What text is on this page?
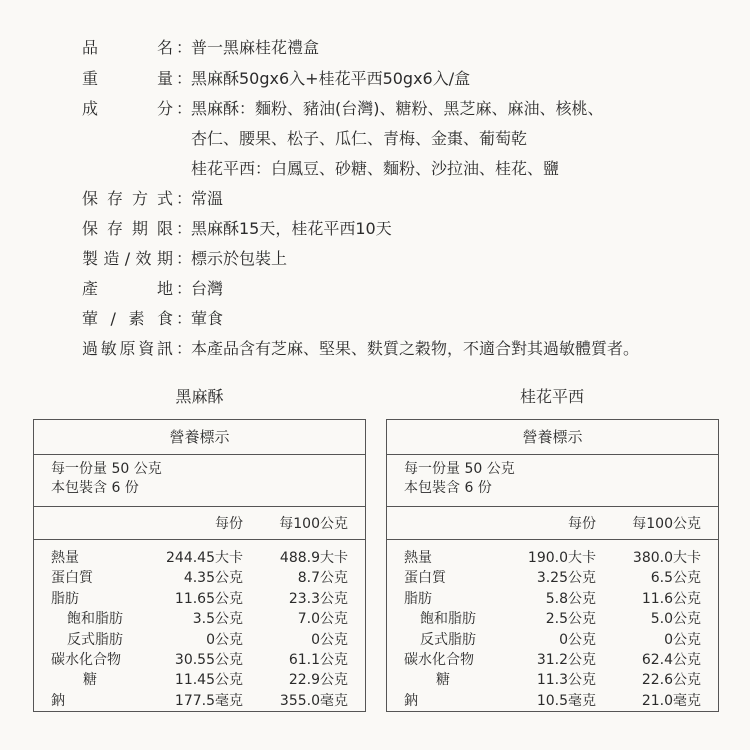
品	名 ：
普一黑麻桂花禮盒
重	量 ：
黑麻酥50gx6入+桂花平西50gx6入/盒
成	分 ：
黑麻酥：麵粉、豬油(台灣)、糖粉、黑芝麻、麻油、核桃、
杏仁、腰果、松子、瓜仁、青梅、金棗、葡萄乾
桂花平西：白鳳豆、砂糖、麵粉、沙拉油、桂花、鹽
保 存 方 式 ：
常溫
保 存 期 限 ：
黑麻酥15天，桂花平西10天
製 造 / 效 期 ：
標示於包裝上
產	地 ：
台灣
葷 / 素 食 ：
葷食
過 敏 原 資 訊 ：
本產品含有芝麻、堅果、麩質之穀物，不適合對其過敏體質者。
黑麻酥	桂花平西
營養標示
每一份量 50 公克
本包裝含 6 份
每份	每100公克
熱量	244.45大卡	488.9大卡
蛋白質	4.35公克	8.7公克
脂肪	11.65公克	23.3公克
飽和脂肪	3.5公克	7.0公克
反式脂肪	0公克	0公克
碳水化合物	30.55公克	61.1公克
糖	11.45公克	22.9公克
鈉	177.5毫克	355.0毫克
營養標示
每一份量 50 公克
本包裝含 6 份
每份	每100公克
熱量	190.0大卡	380.0大卡
蛋白質	3.25公克	6.5公克
脂肪	5.8公克	11.6公克
飽和脂肪	2.5公克	5.0公克
反式脂肪	0公克	0公克
碳水化合物	31.2公克	62.4公克
糖	11.3公克	22.6公克
鈉	10.5毫克	21.0毫克
